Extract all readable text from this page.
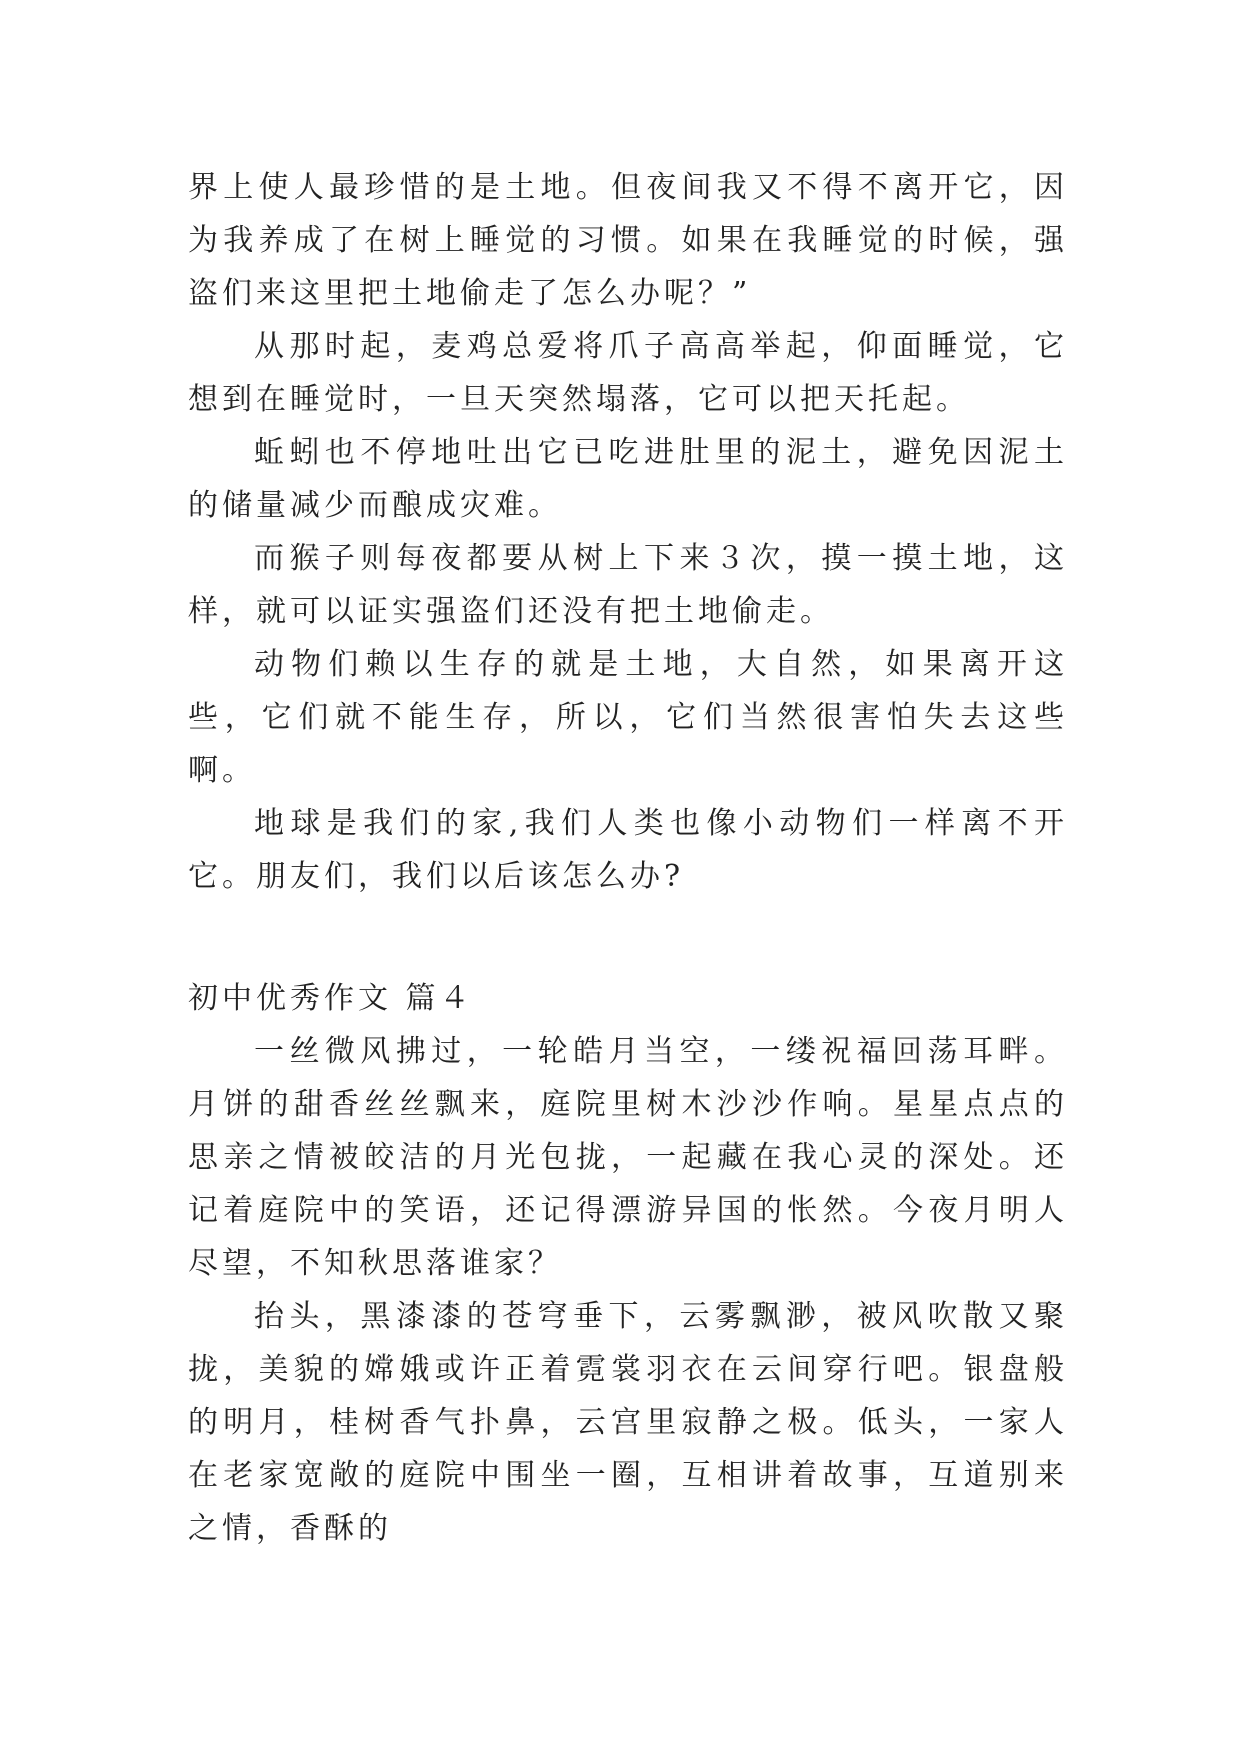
界上使人最珍惜的是土地。但夜间我又不得不离开它，因为我养成了在树上睡觉的习惯。如果在我睡觉的时候，强盗们来这里把土地偷走了怎么办呢？”

从那时起，麦鸡总爱将爪子高高举起，仰面睡觉，它想到在睡觉时，一旦天突然塌落，它可以把天托起。

蚯蚓也不停地吐出它已吃进肚里的泥土，避免因泥土的储量减少而酿成灾难。

而猴子则每夜都要从树上下来３次，摸一摸土地，这样，就可以证实强盗们还没有把土地偷走。

动物们赖以生存的就是土地，大自然，如果离开这些，它们就不能生存，所以，它们当然很害怕失去这些啊。

地球是我们的家,我们人类也像小动物们一样离不开它。朋友们，我们以后该怎么办?

初中优秀作文 篇４

一丝微风拂过，一轮皓月当空，一缕祝福回荡耳畔。月饼的甜香丝丝飘来，庭院里树木沙沙作响。星星点点的思亲之情被皎洁的月光包拢，一起藏在我心灵的深处。还记着庭院中的笑语，还记得漂游异国的怅然。今夜月明人尽望，不知秋思落谁家？

抬头，黑漆漆的苍穹垂下，云雾飘渺，被风吹散又聚拢，美貌的嫦娥或许正着霓裳羽衣在云间穿行吧。银盘般的明月，桂树香气扑鼻，云宫里寂静之极。低头，一家人在老家宽敞的庭院中围坐一圈，互相讲着故事，互道别来之情，香酥的
